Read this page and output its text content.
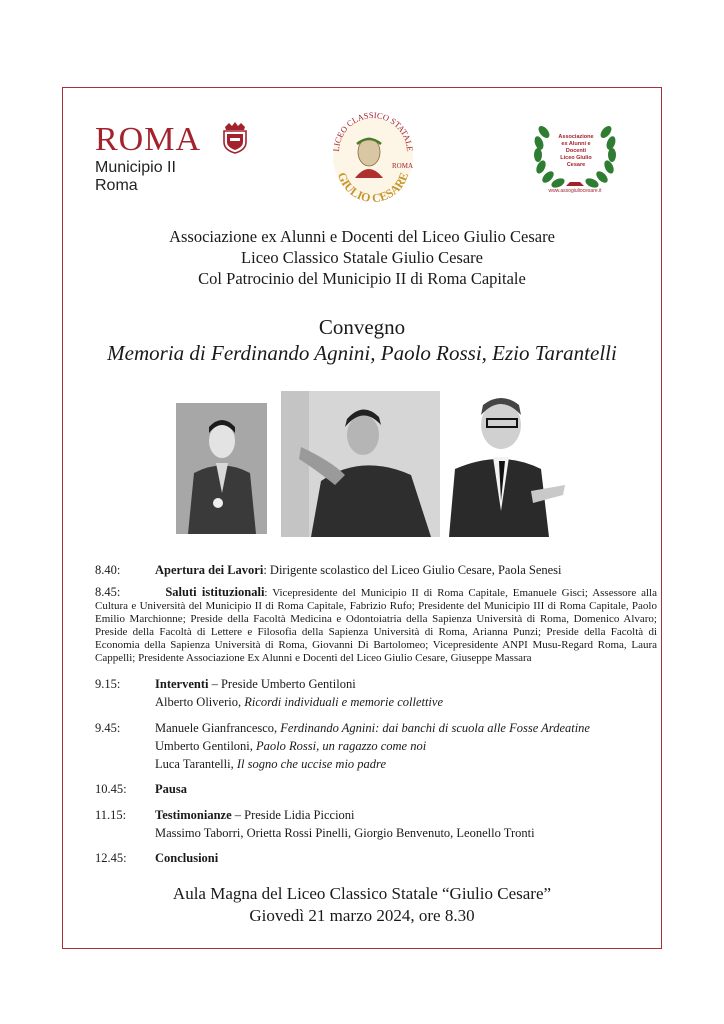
ROMA
Municipio II
Roma
LICEO CLASSICO STATALE
GIULIO CESARE
ROMA
Associazione
ex Alunni e Docenti
Liceo Giulio Cesare
www.assogiuliocesare.it
Associazione ex Alunni e Docenti del Liceo Giulio Cesare
Liceo Classico Statale Giulio Cesare
Col Patrocinio del Municipio II di Roma Capitale
Convegno
Memoria di Ferdinando Agnini, Paolo Rossi, Ezio Tarantelli
8.40:	Apertura dei Lavori: Dirigente scolastico del Liceo Giulio Cesare, Paola Senesi
8.45:	Saluti istituzionali: Vicepresidente del Municipio II di Roma Capitale, Emanuele Gisci; Assessore alla Cultura e Università del Municipio II di Roma Capitale, Fabrizio Rufo; Presidente del Municipio III di Roma Capitale, Paolo Emilio Marchionne; Preside della Facoltà Medicina e Odontoiatria della Sapienza Università di Roma, Domenico Alvaro; Preside della Facoltà di Lettere e Filosofia della Sapienza Università di Roma, Arianna Punzi; Preside della Facoltà di Economia della Sapienza Università di Roma, Giovanni Di Bartolomeo; Vicepresidente ANPI Musu-Regard Roma, Laura Cappelli; Presidente Associazione Ex Alunni e Docenti del Liceo Giulio Cesare, Giuseppe Massara
9.15:	Interventi – Preside Umberto Gentiloni
Alberto Oliverio, Ricordi individuali e memorie collettive
9.45:	Manuele Gianfrancesco, Ferdinando Agnini: dai banchi di scuola alle Fosse Ardeatine
Umberto Gentiloni, Paolo Rossi, un ragazzo come noi
Luca Tarantelli, Il sogno che uccise mio padre
10.45: Pausa
11.15: Testimonianze – Preside Lidia Piccioni
Massimo Taborri, Orietta Rossi Pinelli, Giorgio Benvenuto, Leonello Tronti
12.45: Conclusioni
Aula Magna del Liceo Classico Statale “Giulio Cesare”
Giovedì 21 marzo 2024, ore 8.30
